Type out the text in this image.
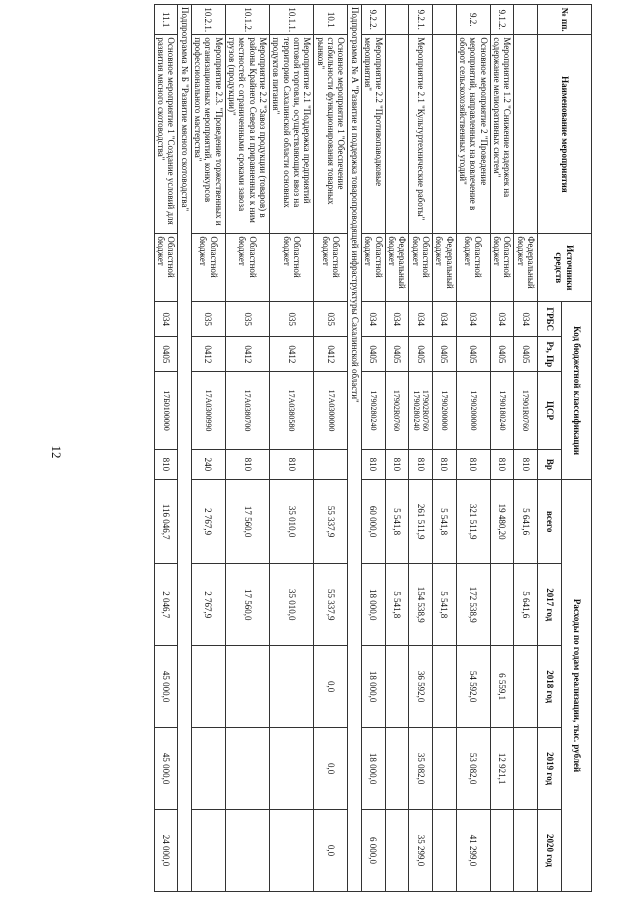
12
№ пп.	Наименование мероприятия	Источники средств	Код бюджетной классификации				Расходы по годам реализации, тыс. рублей				
			ГРБС	Рз, Пр	ЦСР	Вр	всего	2017 год	2018 год	2019 год	2020 год

		Федеральный бюджет	034	0405	17901R0760	810	5 641,6	5 641,6			
9.1.2.	Мероприятие 1.2 "Снижение издержек на содержание мелиоративных систем"	Областной бюджет	034	0405	1790180240	810	19 480,20		6 559,1	12 921,1	
9.2.	Основное мероприятие 2 "Проведение мероприятий, направленных на вовлечение в оборот сельскохозяйственных угодий"	Областной бюджет	034	0405	1790200000	810	321 511,9	172 538,9	54 592,0	53 082,0	41 299,0
		Федеральный бюджет	034	0405	1790200000	810	5 541,8	5 541,8			
9.2.1.	Мероприятие 2.1 "Культуртехнические работы"	Областной бюджет	034	0405	17902R0760 1790280240	810	261 511,9	154 538,9	36 592,0	35 082,0	35 299,0
		Федеральный бюджет	034	0405	17902R0760	810	5 541,8	5 541,8			
9.2.2.	Мероприятие 2.2 "Противопаводковые мероприятия"	Областной бюджет	034	0405	1790280240	810	60 000,0	18 000,0	18 000,0	18 000,0	6 000,0
Подпрограмма № А "Развитие и поддержка товаропроводящей инфраструктуры Сахалинской области"											
10.1	Основное мероприятие 1 "Обеспечение стабильности функционирования товарных рынков"	Областной бюджет	035	0412	17A0300000		55 337,9	55 337,9	0,0	0,0	0,0
10.1.1.	Мероприятие 2.1 "Поддержка предприятий оптовой торговли, осуществляющих ввоз на территорию Сахалинской области основных продуктов питания"	Областной бюджет	035	0412	17A0380580	810	35 010,0	35 010,0			
10.1.2.	Мероприятие 2.2 "Завоз продукции (товаров) в районы Крайнего Севера и приравненных к ним местностей с ограниченными сроками завоза грузов (продукции)"	Областной бюджет	035	0412	17A0380700	810	17 560,0	17 560,0			
10.2.1.	Мероприятие 2.3. "Проведение торжественных и организационных мероприятий, конкурсов профессионального мастерства"	Областной бюджет	035	0412	17A0300990	240	2 767,9	2 767,9			
Подпрограмма № Б "Развитие мясного скотоводства"											
11.1	Основное мероприятие 1 "Создание условий для развития мясного скотоводства"	Областной бюджет	034	0405	17Б0100000	810	116 046,7	2 046,7	45 000,0	45 000,0	24 000,0
